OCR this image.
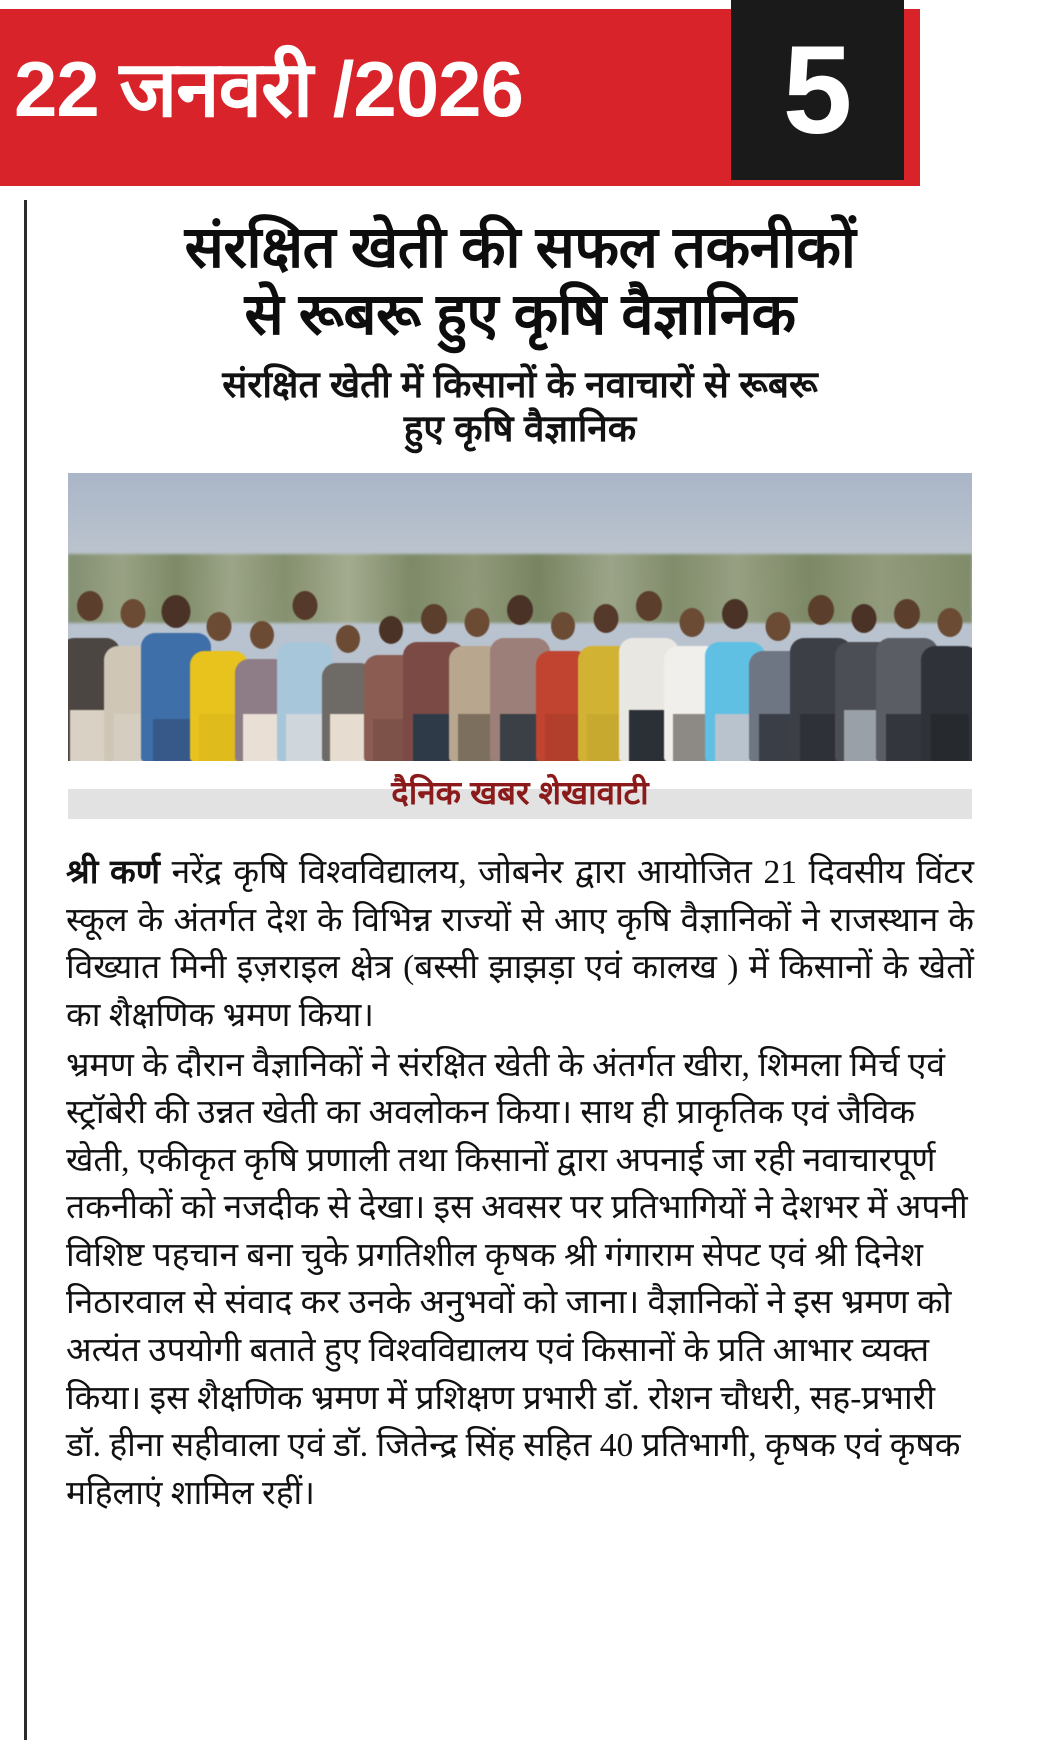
22 जनवरी /2026	5
संरक्षित खेती की सफल तकनीकों
से रूबरू हुए कृषि वैज्ञानिक
संरक्षित खेती में किसानों के नवाचारों से रूबरू
हुए कृषि वैज्ञानिक
दैनिक खबर शेखावाटी

श्री कर्ण नरेंद्र कृषि विश्वविद्यालय, जोबनेर द्वारा आयोजित 21 दिवसीय विंटर स्कूल के अंतर्गत देश के विभिन्न राज्यों से आए कृषि वैज्ञानिकों ने राजस्थान के विख्यात मिनी इज़राइल क्षेत्र (बस्सी झाझड़ा एवं कालख ) में किसानों के खेतों का शैक्षणिक भ्रमण किया।

भ्रमण के दौरान वैज्ञानिकों ने संरक्षित खेती के अंतर्गत खीरा, शिमला मिर्च एवं स्ट्रॉबेरी की उन्नत खेती का अवलोकन किया। साथ ही प्राकृतिक एवं जैविक खेती, एकीकृत कृषि प्रणाली तथा किसानों द्वारा अपनाई जा रही नवाचारपूर्ण तकनीकों को नजदीक से देखा। इस अवसर पर प्रतिभागियों ने देशभर में अपनी विशिष्ट पहचान बना चुके प्रगतिशील कृषक श्री गंगाराम सेपट एवं श्री दिनेश निठारवाल से संवाद कर उनके अनुभवों को जाना। वैज्ञानिकों ने इस भ्रमण को अत्यंत उपयोगी बताते हुए विश्वविद्यालय एवं किसानों के प्रति आभार व्यक्त किया। इस शैक्षणिक भ्रमण में प्रशिक्षण प्रभारी डॉ. रोशन चौधरी, सह-प्रभारी डॉ. हीना सहीवाला एवं डॉ. जितेन्द्र सिंह सहित 40 प्रतिभागी, कृषक एवं कृषक महिलाएं शामिल रहीं।
